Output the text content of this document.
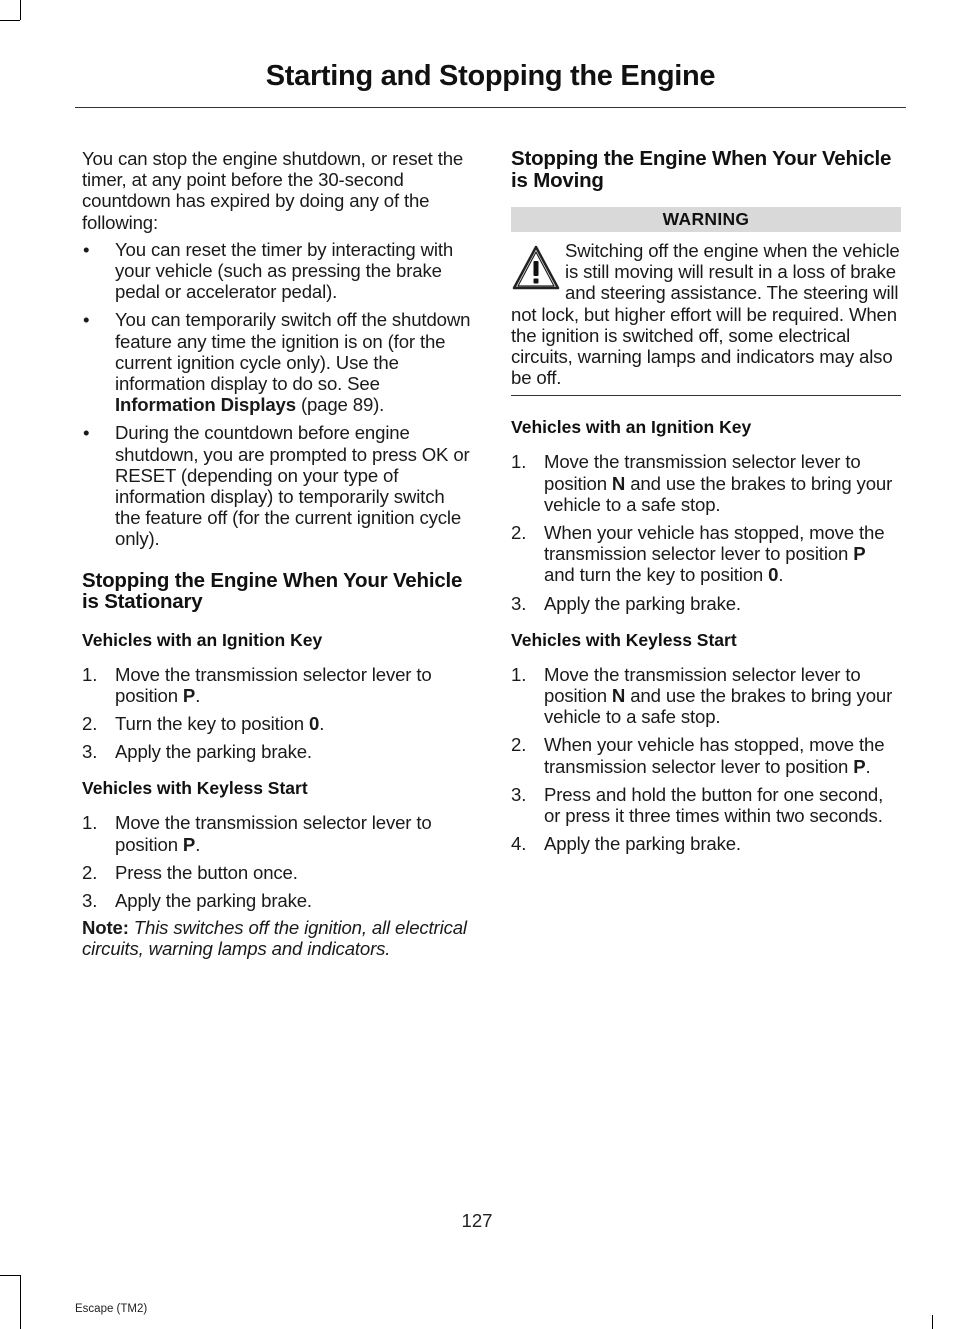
Starting and Stopping the Engine

You can stop the engine shutdown, or reset the timer, at any point before the 30-second countdown has expired by doing any of the following:

• You can reset the timer by interacting with your vehicle (such as pressing the brake pedal or accelerator pedal).
• You can temporarily switch off the shutdown feature any time the ignition is on (for the current ignition cycle only). Use the information display to do so. See Information Displays (page 89).
• During the countdown before engine shutdown, you are prompted to press OK or RESET (depending on your type of information display) to temporarily switch the feature off (for the current ignition cycle only).
Stopping the Engine When Your Vehicle is Stationary
Vehicles with an Ignition Key
1. Move the transmission selector lever to position P.
2. Turn the key to position 0.
3. Apply the parking brake.
Vehicles with Keyless Start
1. Move the transmission selector lever to position P.
2. Press the button once.
3. Apply the parking brake.

Note: This switches off the ignition, all electrical circuits, warning lamps and indicators.

Stopping the Engine When Your Vehicle is Moving
WARNING
Switching off the engine when the vehicle is still moving will result in a loss of brake and steering assistance. The steering will not lock, but higher effort will be required. When the ignition is switched off, some electrical circuits, warning lamps and indicators may also be off.
Vehicles with an Ignition Key
1. Move the transmission selector lever to position N and use the brakes to bring your vehicle to a safe stop.
2. When your vehicle has stopped, move the transmission selector lever to position P and turn the key to position 0.
3. Apply the parking brake.
Vehicles with Keyless Start
1. Move the transmission selector lever to position N and use the brakes to bring your vehicle to a safe stop.
2. When your vehicle has stopped, move the transmission selector lever to position P.
3. Press and hold the button for one second, or press it three times within two seconds.
4. Apply the parking brake.
127
Escape (TM2)
